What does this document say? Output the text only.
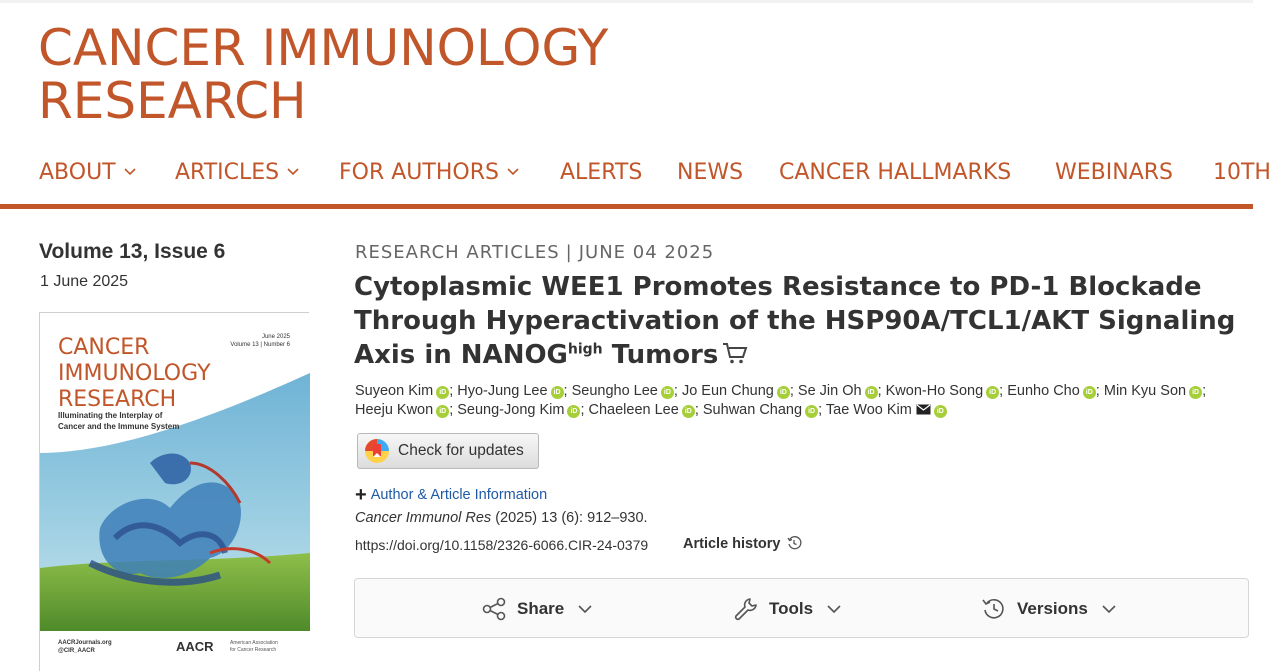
CANCER IMMUNOLOGY
RESEARCH
ABOUT	ARTICLES	FOR AUTHORS	ALERTS NEWS CANCER HALLMARKS WEBINARS 10TH
Volume 13, Issue 6
1 June 2025
CANCER
IMMUNOLOGY
RESEARCH
June 2025
Volume 13 | Number 6
Illuminating the Interplay of
Cancer and the Immune System
AACRJournals.org
@CIR_AACR	AACR	American Association
for Cancer Research
RESEARCH ARTICLES | JUNE 04 2025
Cytoplasmic WEE1 Promotes Resistance to PD-1 Blockade Through Hyperactivation of the HSP90A/TCL1/AKT Signaling Axis in $NANOG^{high}$ Tumors
Suyeon Kim iD ; Hyo-Jung Lee iD ; Seungho Lee iD ; Jo Eun Chung iD ; Se Jin Oh iD ; Kwon-Ho Song iD ; Eunho Cho iD ; Min Kyu Son iD ; Heeju Kwon iD ; Seung-Jong Kim iD ; Chaeleen Lee iD ; Suhwan Chang iD ; Tae Woo Kim	iD
Check for updates
+ Author & Article Information
Cancer Immunol Res (2025) 13 (6): 912–930.
https://doi.org/10.1158/2326-6066.CIR-24-0379 Article history
Share	Tools	Versions
